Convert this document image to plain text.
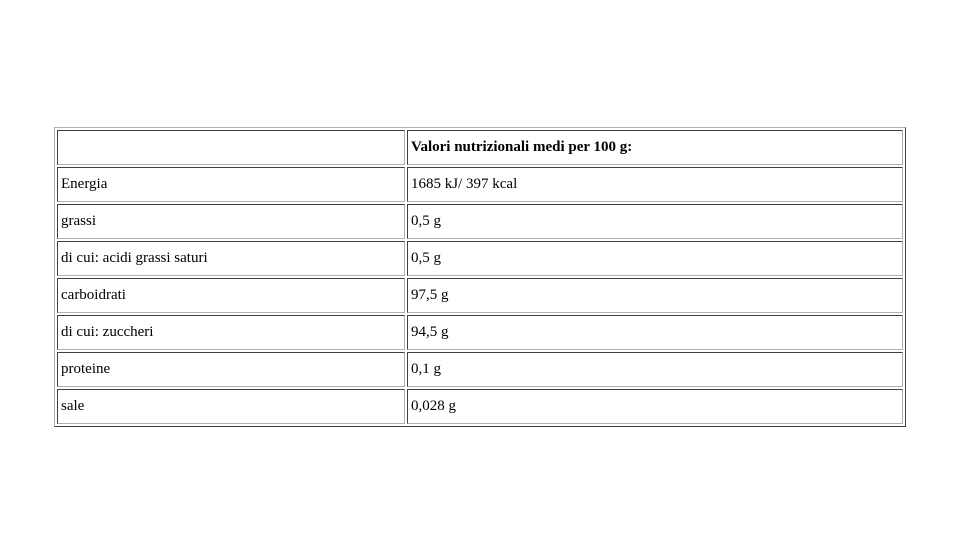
	Valori nutrizionali medi per 100 g:
Energia	1685 kJ/ 397 kcal
grassi	0,5 g
di cui: acidi grassi saturi	0,5 g
carboidrati	97,5 g
di cui: zuccheri	94,5 g
proteine	0,1 g
sale	0,028 g
